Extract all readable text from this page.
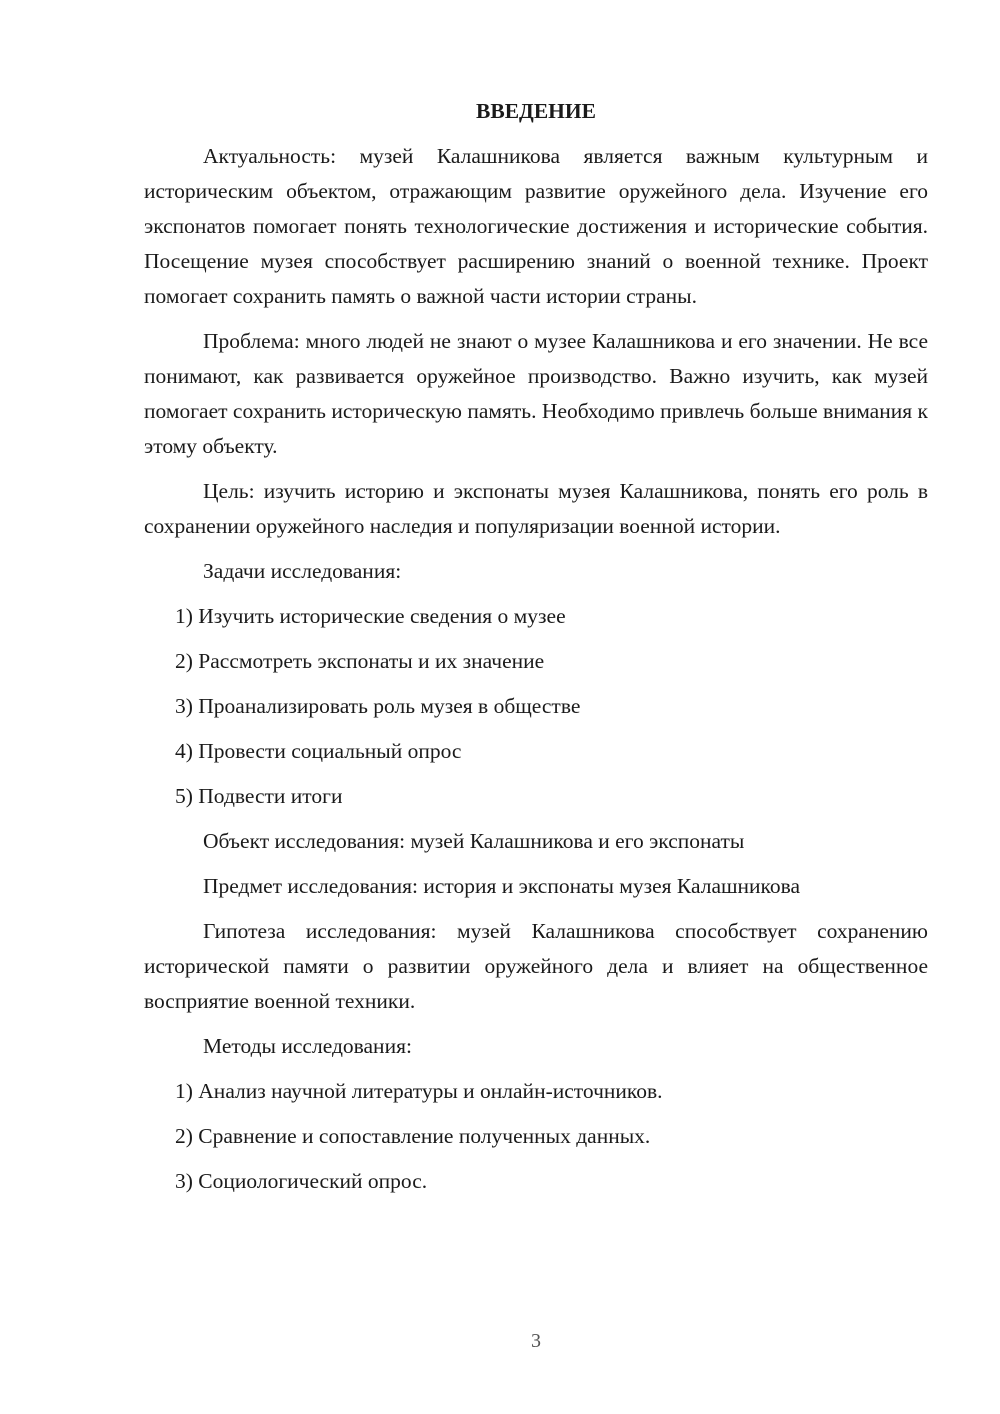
ВВЕДЕНИЕ

Актуальность: музей Калашникова является важным культурным и историческим объектом, отражающим развитие оружейного дела. Изучение его экспонатов помогает понять технологические достижения и исторические события. Посещение музея способствует расширению знаний о военной технике. Проект помогает сохранить память о важной части истории страны.

Проблема: много людей не знают о музее Калашникова и его значении. Не все понимают, как развивается оружейное производство. Важно изучить, как музей помогает сохранить историческую память. Необходимо привлечь больше внимания к этому объекту.

Цель: изучить историю и экспонаты музея Калашникова, понять его роль в сохранении оружейного наследия и популяризации военной истории.

Задачи исследования:
1) Изучить исторические сведения о музее
2) Рассмотреть экспонаты и их значение
3) Проанализировать роль музея в обществе
4) Провести социальный опрос
5) Подвести итоги
Объект исследования: музей Калашникова и его экспонаты
Предмет исследования: история и экспонаты музея Калашникова

Гипотеза исследования: музей Калашникова способствует сохранению исторической памяти о развитии оружейного дела и влияет на общественное восприятие военной техники.

Методы исследования:
1) Анализ научной литературы и онлайн-источников.
2) Сравнение и сопоставление полученных данных.
3) Социологический опрос.
3
